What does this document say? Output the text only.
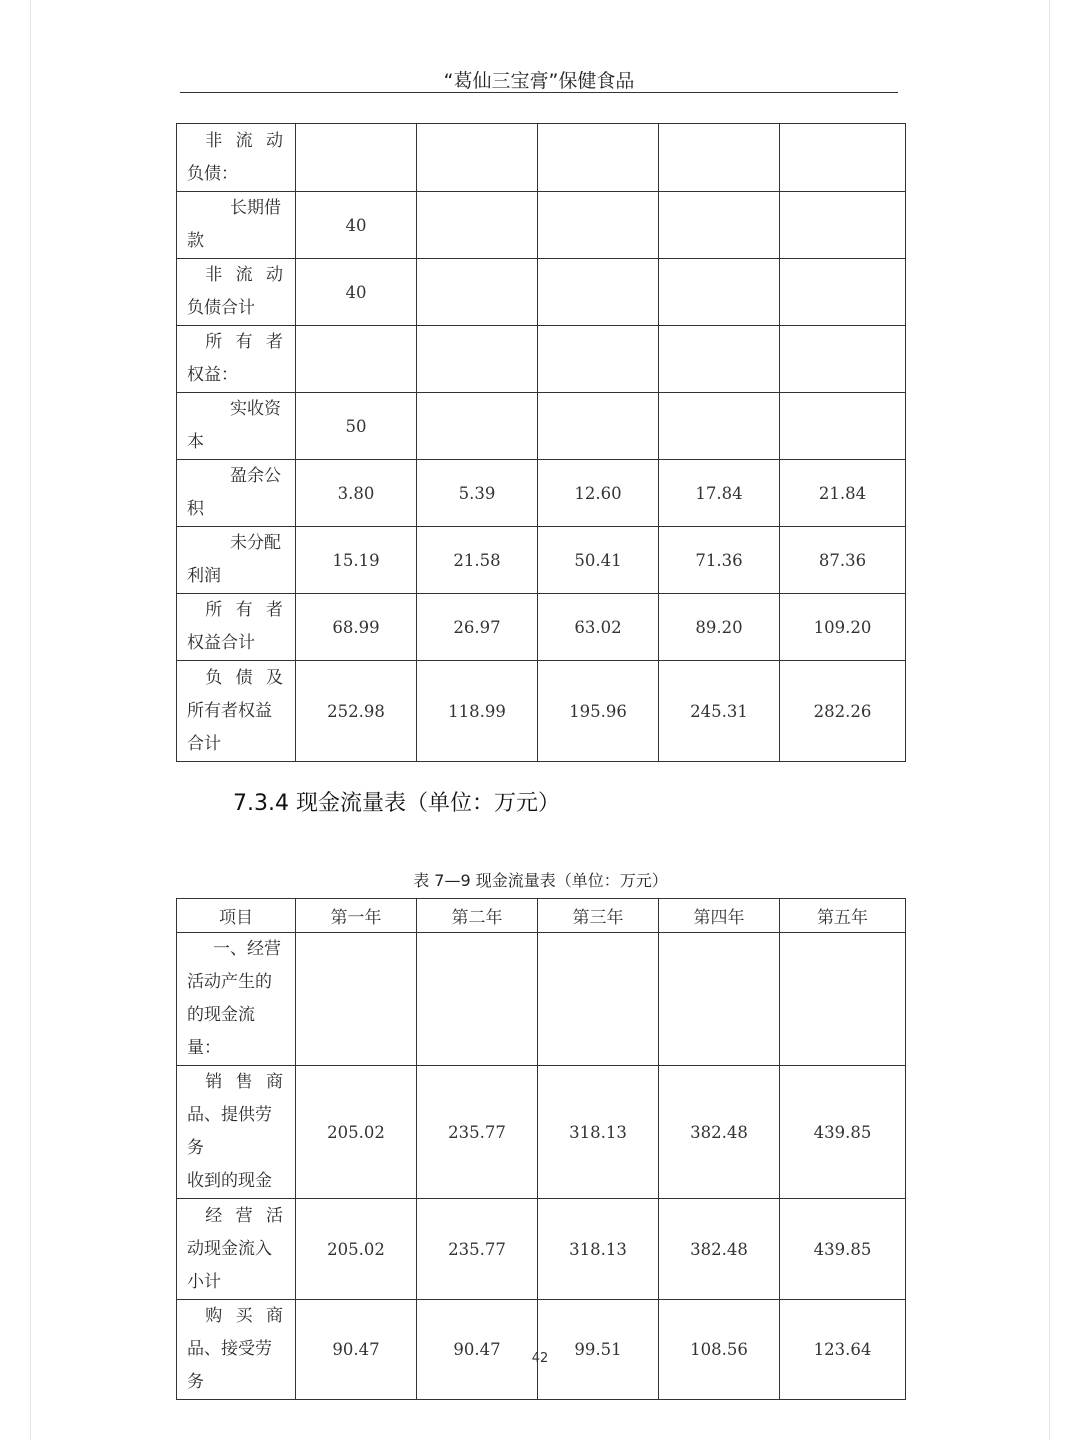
“葛仙三宝膏”保健食品
非 流 动
负债：					

长期借
款	40				

非 流 动
负债合计	40				

所 有 者
权益：					

实收资
本	50				

盈余公
积	3.80	5.39	12.60	17.84	21.84

未分配
利润	15.19	21.58	50.41	71.36	87.36

所 有 者
权益合计	68.99	26.97	63.02	89.20	109.20

负 债 及
所有者权益
合计	252.98	118.99	195.96	245.31	282.26
7.3.4 现金流量表（单位：万元）
表 7—9 现金流量表（单位：万元）
项目	第一年	第二年	第三年	第四年	第五年

一、经营
活动产生的
的现金流量：					

销 售 商
品、提供劳务
收到的现金	205.02	235.77	318.13	382.48	439.85

经 营 活
动现金流入
小计	205.02	235.77	318.13	382.48	439.85

购 买 商
品、接受劳务	90.47	90.47	99.51	108.56	123.64
42
